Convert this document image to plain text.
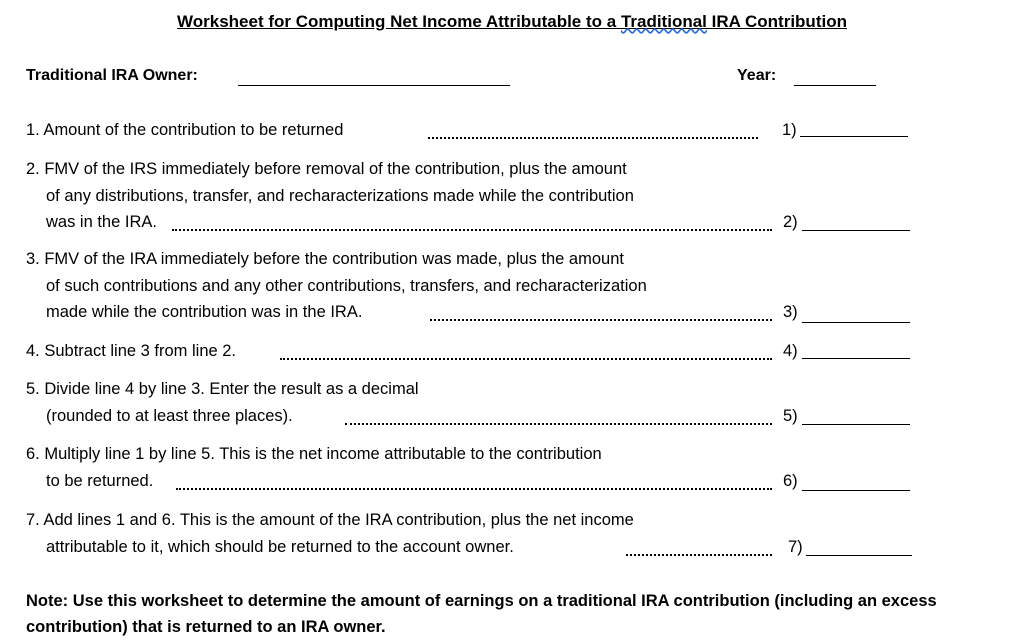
Worksheet for Computing Net Income Attributable to a Traditional IRA Contribution
Traditional IRA Owner:	Year:
1. Amount of the contribution to be returned	1)
2. FMV of the IRS immediately before removal of the contribution, plus the amount
of any distributions, transfer, and recharacterizations made while the contribution
was in the IRA.	2)
3. FMV of the IRA immediately before the contribution was made, plus the amount
of such contributions and any other contributions, transfers, and recharacterization
made while the contribution was in the IRA.	3)
4. Subtract line 3 from line 2.	4)
5. Divide line 4 by line 3. Enter the result as a decimal
(rounded to at least three places).	5)
6. Multiply line 1 by line 5. This is the net income attributable to the contribution
to be returned.	6)
7. Add lines 1 and 6. This is the amount of the IRA contribution, plus the net income
attributable to it, which should be returned to the account owner.	7)
Note: Use this worksheet to determine the amount of earnings on a traditional IRA contribution (including an excess contribution) that is returned to an IRA owner.
